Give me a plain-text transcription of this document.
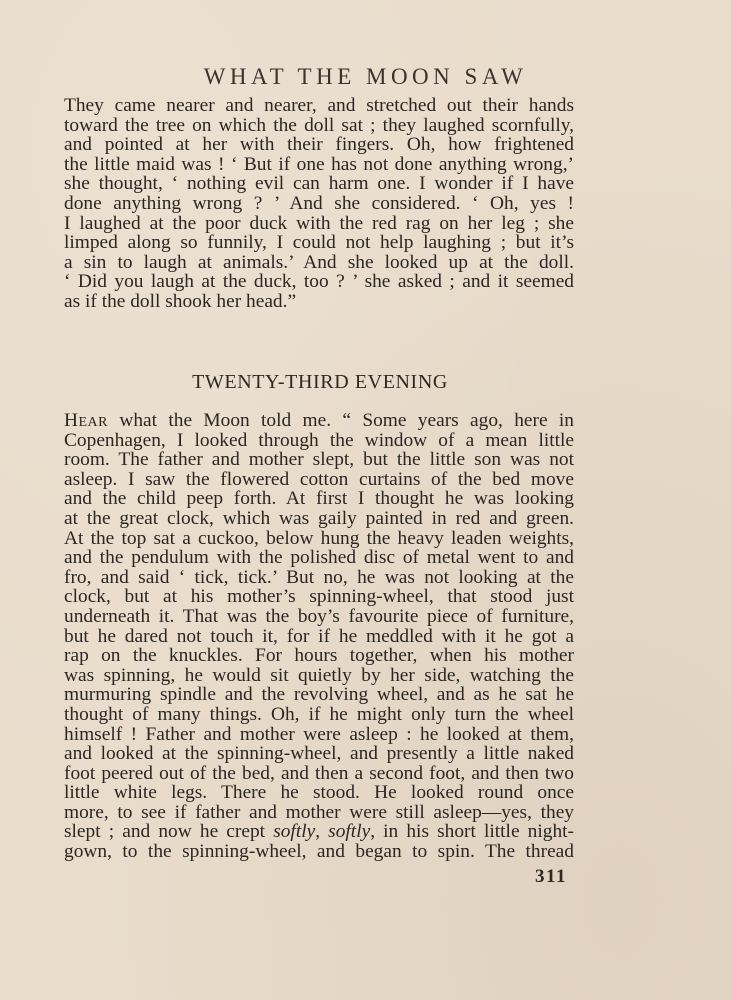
WHAT THE MOON SAW
They came nearer and nearer, and stretched out their hands
toward the tree on which the doll sat ; they laughed scornfully,
and pointed at her with their fingers. Oh, how frightened
the little maid was ! ‘ But if one has not done anything wrong,’
she thought, ‘ nothing evil can harm one. I wonder if I have
done anything wrong ? ’ And she considered. ‘ Oh, yes !
I laughed at the poor duck with the red rag on her leg ; she
limped along so funnily, I could not help laughing ; but it’s
a sin to laugh at animals.’ And she looked up at the doll.
‘ Did you laugh at the duck, too ? ’ she asked ; and it seemed
as if the doll shook her head.”
TWENTY-THIRD EVENING
Hear what the Moon told me. “ Some years ago, here in
Copenhagen, I looked through the window of a mean little
room. The father and mother slept, but the little son was not
asleep. I saw the flowered cotton curtains of the bed move
and the child peep forth. At first I thought he was looking
at the great clock, which was gaily painted in red and green.
At the top sat a cuckoo, below hung the heavy leaden weights,
and the pendulum with the polished disc of metal went to and
fro, and said ‘ tick, tick.’ But no, he was not looking at the
clock, but at his mother’s spinning-wheel, that stood just
underneath it. That was the boy’s favourite piece of furniture,
but he dared not touch it, for if he meddled with it he got a
rap on the knuckles. For hours together, when his mother
was spinning, he would sit quietly by her side, watching the
murmuring spindle and the revolving wheel, and as he sat he
thought of many things. Oh, if he might only turn the wheel
himself ! Father and mother were asleep : he looked at them,
and looked at the spinning-wheel, and presently a little naked
foot peered out of the bed, and then a second foot, and then two
little white legs. There he stood. He looked round once
more, to see if father and mother were still asleep—yes, they
slept ; and now he crept softly, softly, in his short little night-
gown, to the spinning-wheel, and began to spin. The thread
311
